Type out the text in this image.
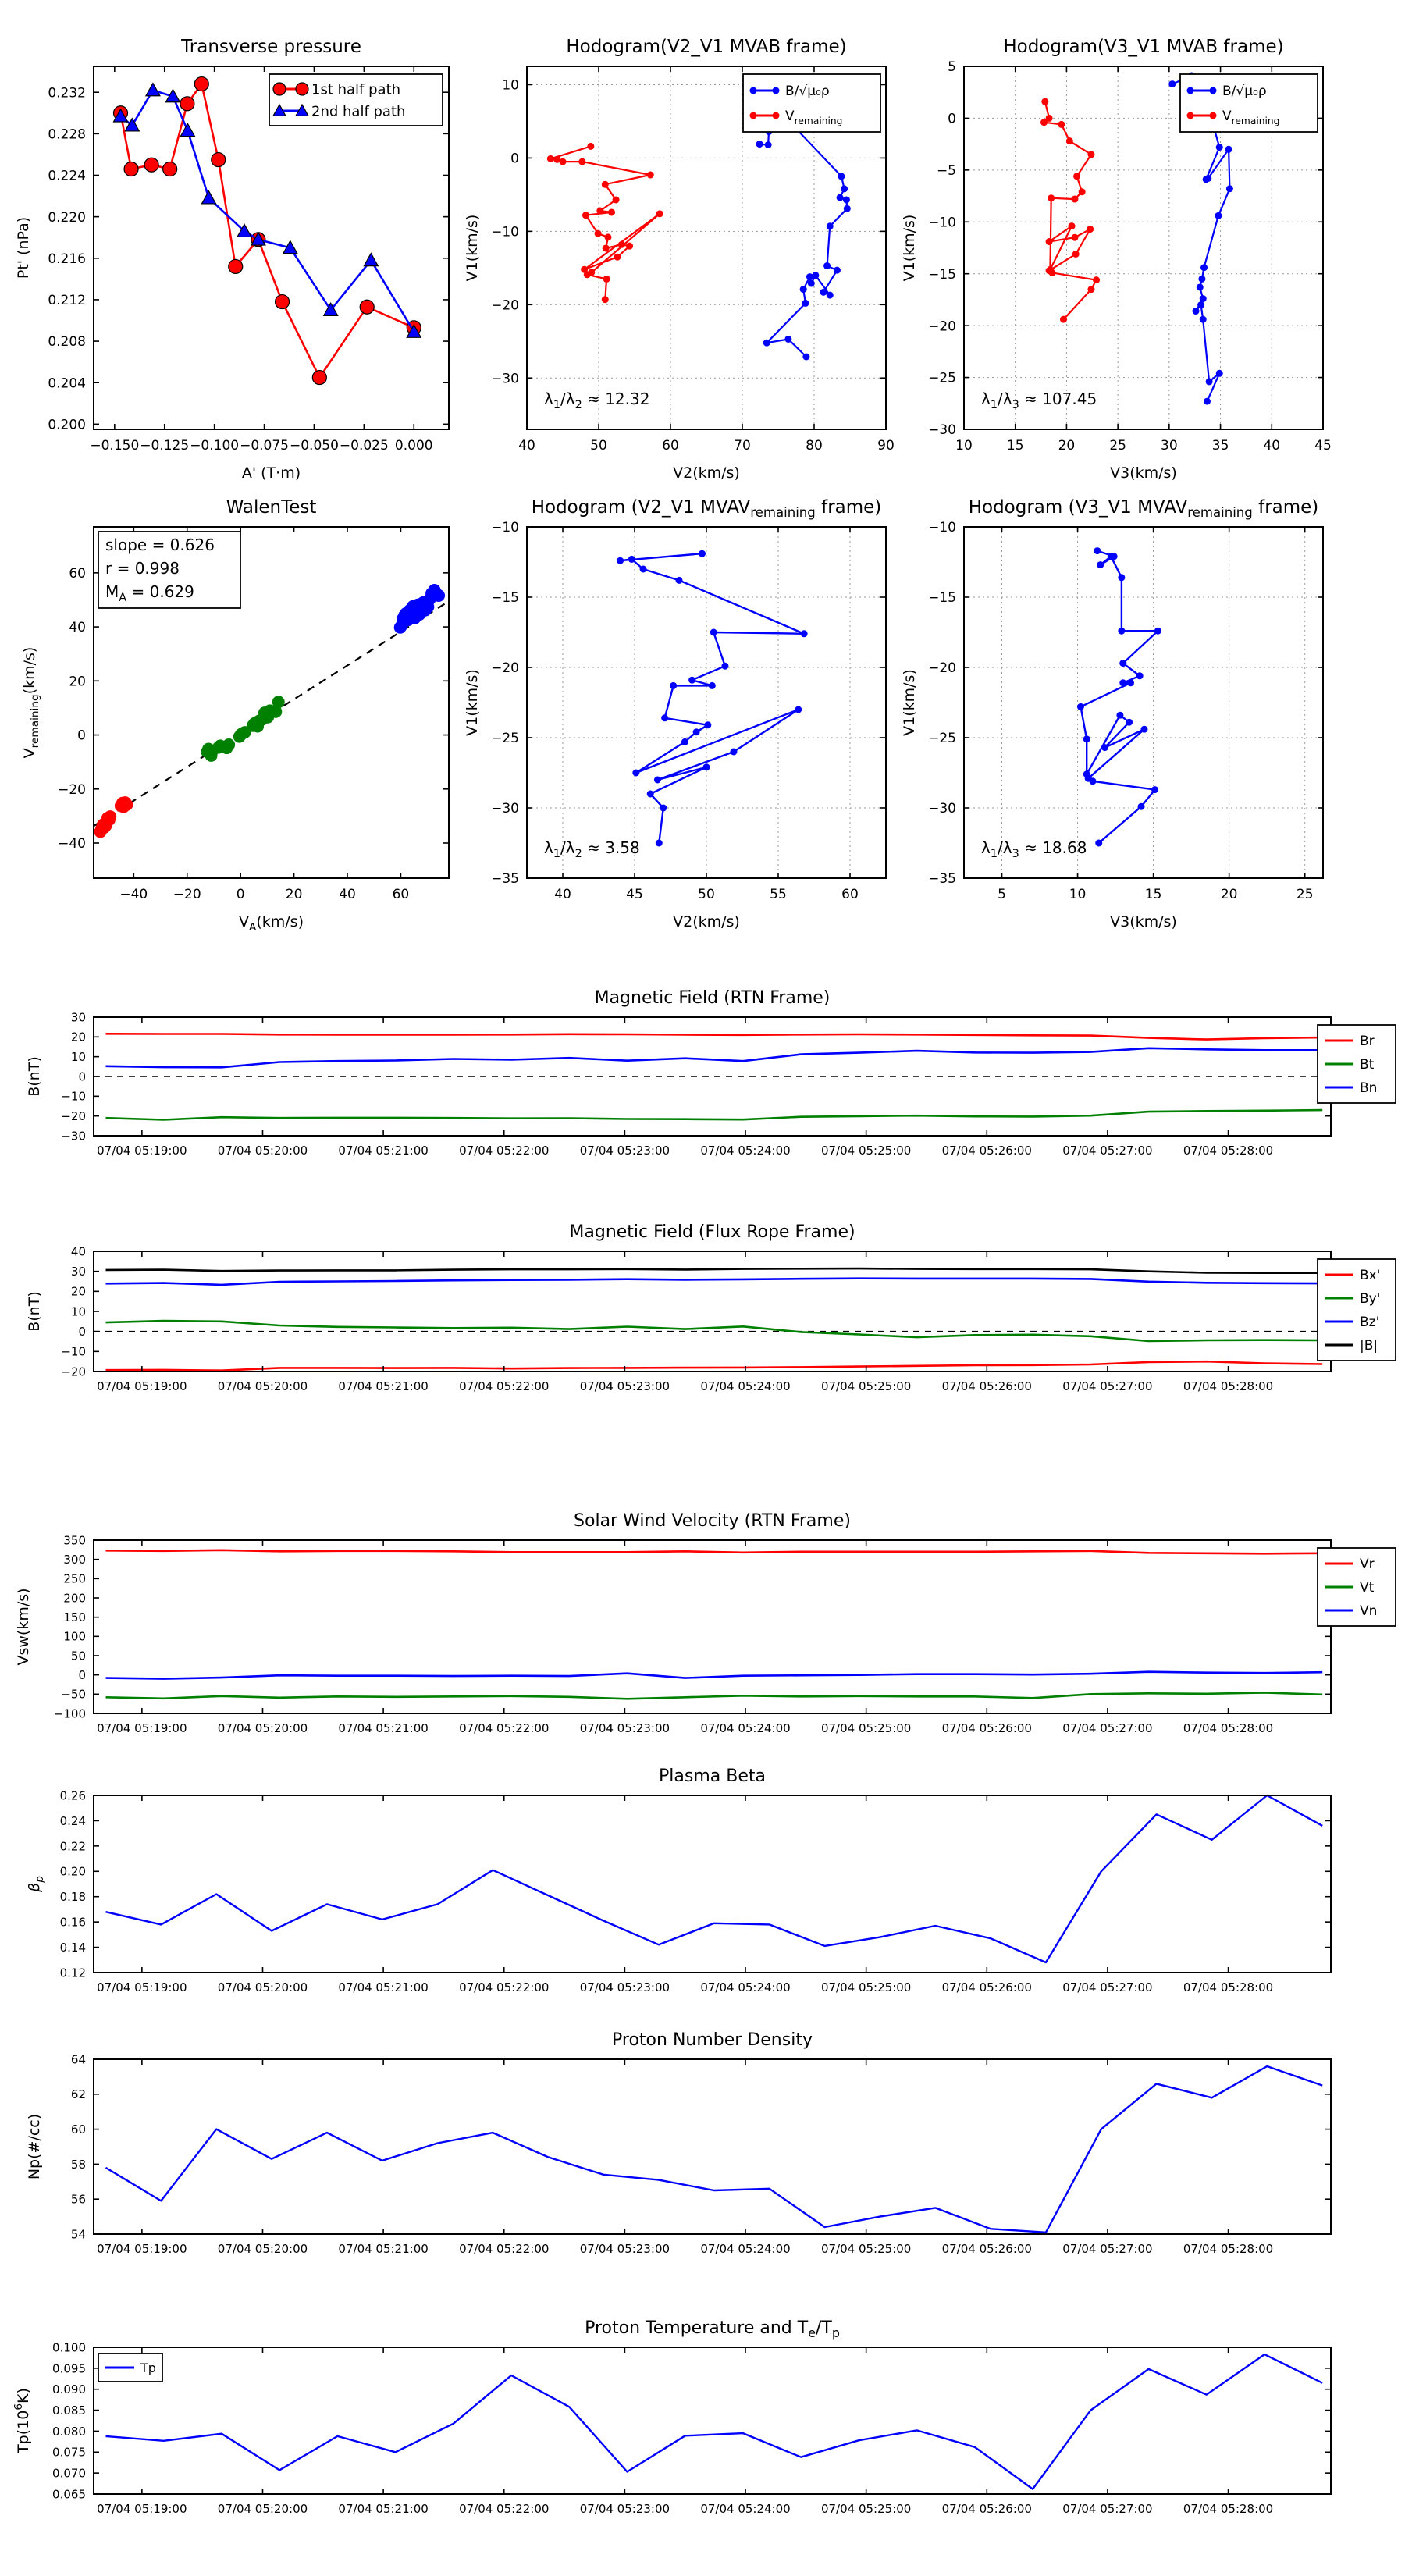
0.200
0.204
0.208
0.212
0.216
0.220
0.224
0.228
0.232
−0.150 −0.125 −0.100 −0.075 −0.050 −0.025 0.000
Transverse pressure
A' (T·m)
Pt' (nPa)
1st half path
2nd half path
10
0
−10
−20
−30
40	50	60	70	80	90
Hodogram(V2_V1 MVAB frame)
V2(km/s)
V1(km/s)
$\lambda_1/\lambda_2 \approx 12.32$
B/√μ₀ρ
$V_{remaining}$
5
0
−5
−10
−15
−20
−25
−30
10	15	20	25	30	35	40	45
Hodogram(V3_V1 MVAB frame)
V3(km/s)
V1(km/s)
$\lambda_1/\lambda_3 \approx 107.45$
B/√μ₀ρ
$V_{remaining}$
−40
−20
0
20
40
60
−40 −20	0	20	40	60
WalenTest
$V_A(km/s)$
$V_{remaining}(km/s)$
slope = 0.626
r = 0.998
$M_A = 0.629$
−10
−15
−20
−25
−30
−35
40	45	50	55	60
Hodogram (V2_V1 $MVAV_{remaining}$ frame)
V2(km/s)
V1(km/s)
$\lambda_1/\lambda_2 \approx 3.58$
−10
−15
−20
−25
−30
−35
5	10	15	20	25
Hodogram (V3_V1 $MVAV_{remaining}$ frame)
V3(km/s)
V1(km/s)
$\lambda_1/\lambda_3 \approx 18.68$
30
20
10
0
−10
−20
−30
07/04 05:19:00	07/04 05:20:00	07/04 05:21:00	07/04 05:22:00	07/04 05:23:00	07/04 05:24:00	07/04 05:25:00	07/04 05:26:00	07/04 05:27:00	07/04 05:28:00
Magnetic Field (RTN Frame)
B(nT)
Br
Bt
Bn
40
30
20
10
0
−10
−20
07/04 05:19:00	07/04 05:20:00	07/04 05:21:00	07/04 05:22:00	07/04 05:23:00	07/04 05:24:00	07/04 05:25:00	07/04 05:26:00	07/04 05:27:00	07/04 05:28:00
Magnetic Field (Flux Rope Frame)
B(nT)
Bx'
By'
Bz'
|B|
350
300
250
200
150
100
50
0
−50
−100
07/04 05:19:00	07/04 05:20:00	07/04 05:21:00	07/04 05:22:00	07/04 05:23:00	07/04 05:24:00	07/04 05:25:00	07/04 05:26:00	07/04 05:27:00	07/04 05:28:00
Solar Wind Velocity (RTN Frame)
Vsw(km/s)
Vr
Vt
Vn
0.12
0.14
0.16
0.18
0.20
0.22
0.24
0.26
07/04 05:19:00	07/04 05:20:00	07/04 05:21:00	07/04 05:22:00	07/04 05:23:00	07/04 05:24:00	07/04 05:25:00	07/04 05:26:00	07/04 05:27:00	07/04 05:28:00
Plasma Beta
$\beta_p$
54
56
58
60
62
64
07/04 05:19:00	07/04 05:20:00	07/04 05:21:00	07/04 05:22:00	07/04 05:23:00	07/04 05:24:00	07/04 05:25:00	07/04 05:26:00	07/04 05:27:00	07/04 05:28:00
Proton Number Density
Np(#/cc)
0.065
0.070
0.075
0.080
0.085
0.090
0.095
0.100
07/04 05:19:00	07/04 05:20:00	07/04 05:21:00	07/04 05:22:00	07/04 05:23:00	07/04 05:24:00	07/04 05:25:00	07/04 05:26:00	07/04 05:27:00	07/04 05:28:00
Proton Temperature and $T_e/T_p$
$Tp(10^6K)$
Tp
